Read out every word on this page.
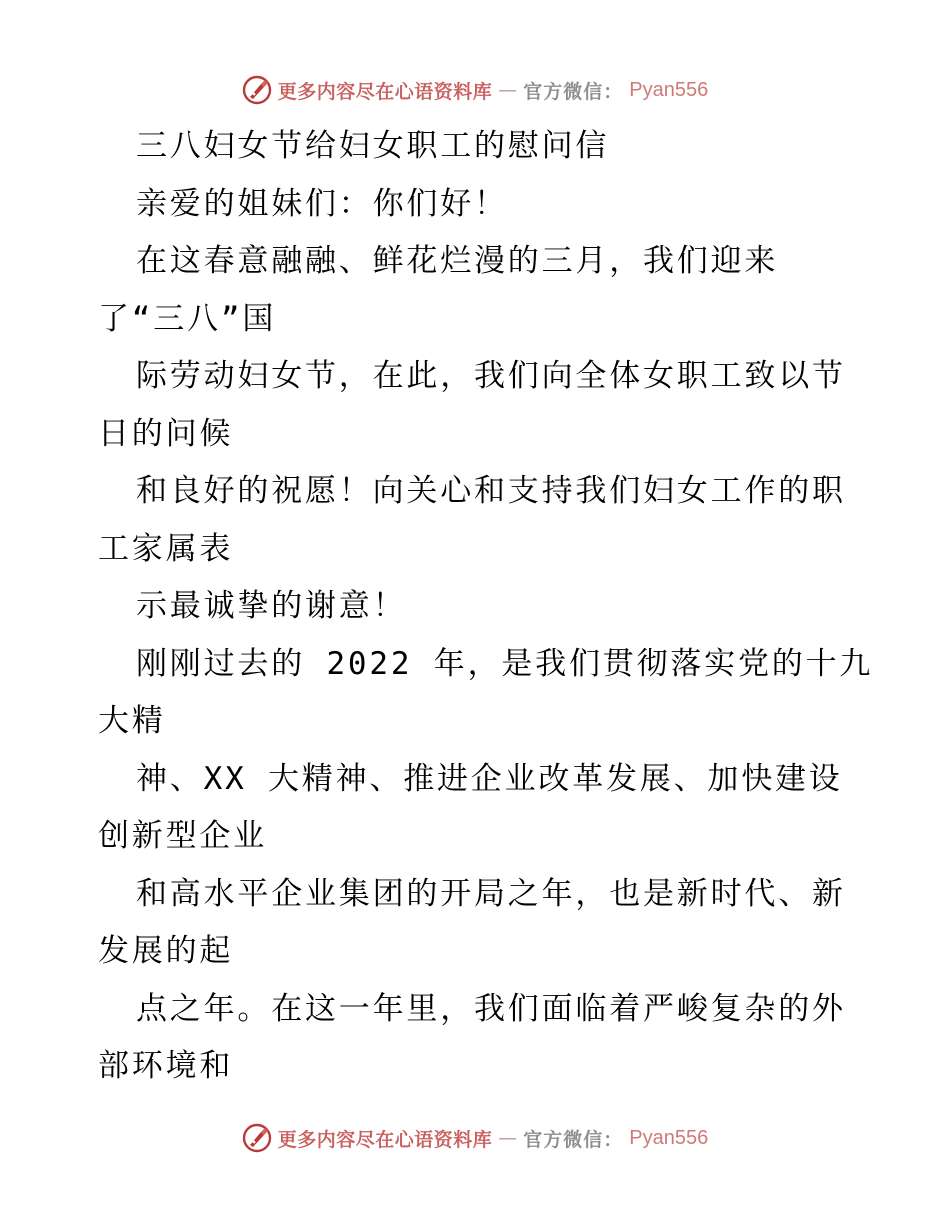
更多内容尽在心语资料库 — 官方微信： Pyan556
三八妇女节给妇女职工的慰问信
亲爱的姐妹们：你们好！
在这春意融融、鲜花烂漫的三月，我们迎来
了“三八”国
际劳动妇女节，在此，我们向全体女职工致以节
日的问候
和良好的祝愿！向关心和支持我们妇女工作的职
工家属表
示最诚挚的谢意！
刚刚过去的 2022 年，是我们贯彻落实党的十九
大精
神、XX 大精神、推进企业改革发展、加快建设
创新型企业
和高水平企业集团的开局之年，也是新时代、新
发展的起
点之年。在这一年里，我们面临着严峻复杂的外
部环境和
更多内容尽在心语资料库 — 官方微信： Pyan556
